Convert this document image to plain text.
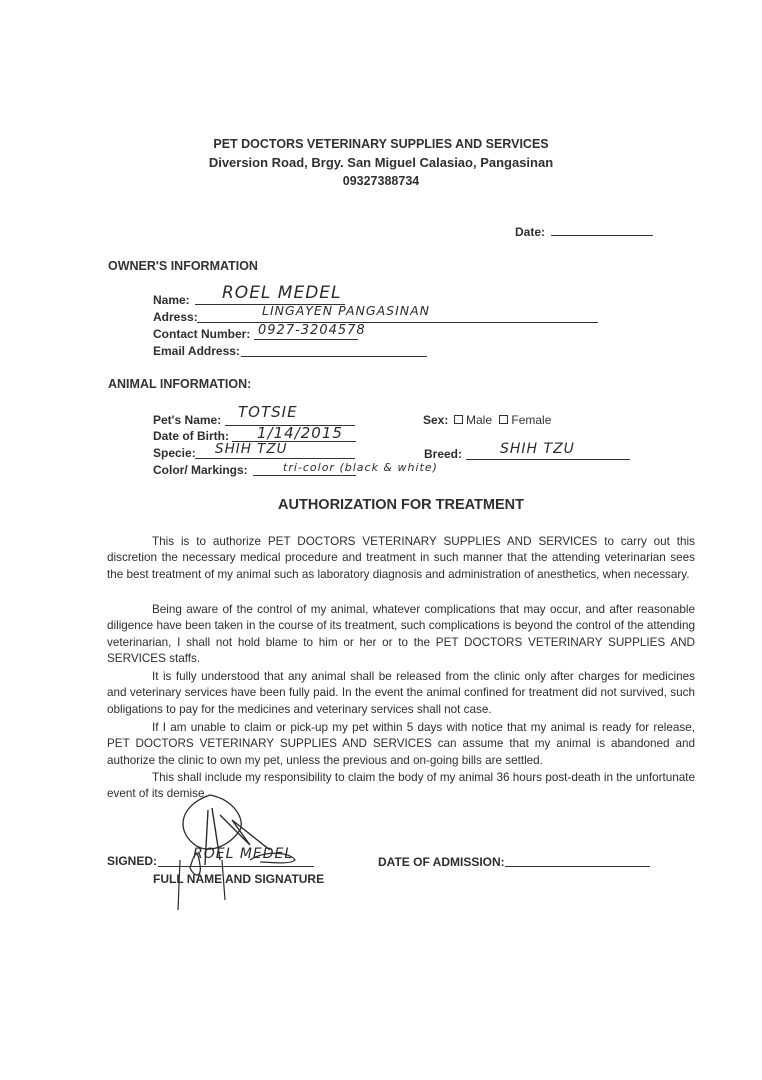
PET DOCTORS VETERINARY SUPPLIES AND SERVICES
Diversion Road, Brgy. San Miguel Calasiao, Pangasinan
09327388734
Date:
OWNER'S INFORMATION
Name: ROEL MEDEL
Adress:	LINGAYEN PANGASINAN
Contact Number: 0927-3204578
Email Address:
ANIMAL INFORMATION:
Pet's Name: TOTSIE
Date of Birth: 1/14/2015
Specie: SHIH TZU
Color/ Markings:	tri-color (black & white)
Sex:	Male Female
Breed:	SHIH TZU
AUTHORIZATION FOR TREATMENT

This is to authorize PET DOCTORS VETERINARY SUPPLIES AND SERVICES to carry out this discretion the necessary medical procedure and treatment in such manner that the attending veterinarian sees the best treatment of my animal such as laboratory diagnosis and administration of anesthetics, when necessary.

Being aware of the control of my animal, whatever complications that may occur, and after reasonable diligence have been taken in the course of its treatment, such complications is beyond the control of the attending veterinarian, I shall not hold blame to him or her or to the PET DOCTORS VETERINARY SUPPLIES AND SERVICES staffs.

It is fully understood that any animal shall be released from the clinic only after charges for medicines and veterinary services have been fully paid. In the event the animal confined for treatment did not survived, such obligations to pay for the medicines and veterinary services shall not case.

If I am unable to claim or pick-up my pet within 5 days with notice that my animal is ready for release, PET DOCTORS VETERINARY SUPPLIES AND SERVICES can assume that my animal is abandoned and authorize the clinic to own my pet, unless the previous and on-going bills are settled.

This shall include my responsibility to claim the body of my animal 36 hours post-death in the unfortunate event of its demise.

SIGNED:	ROEL MEDEL
FULL NAME AND SIGNATURE
DATE OF ADMISSION:
